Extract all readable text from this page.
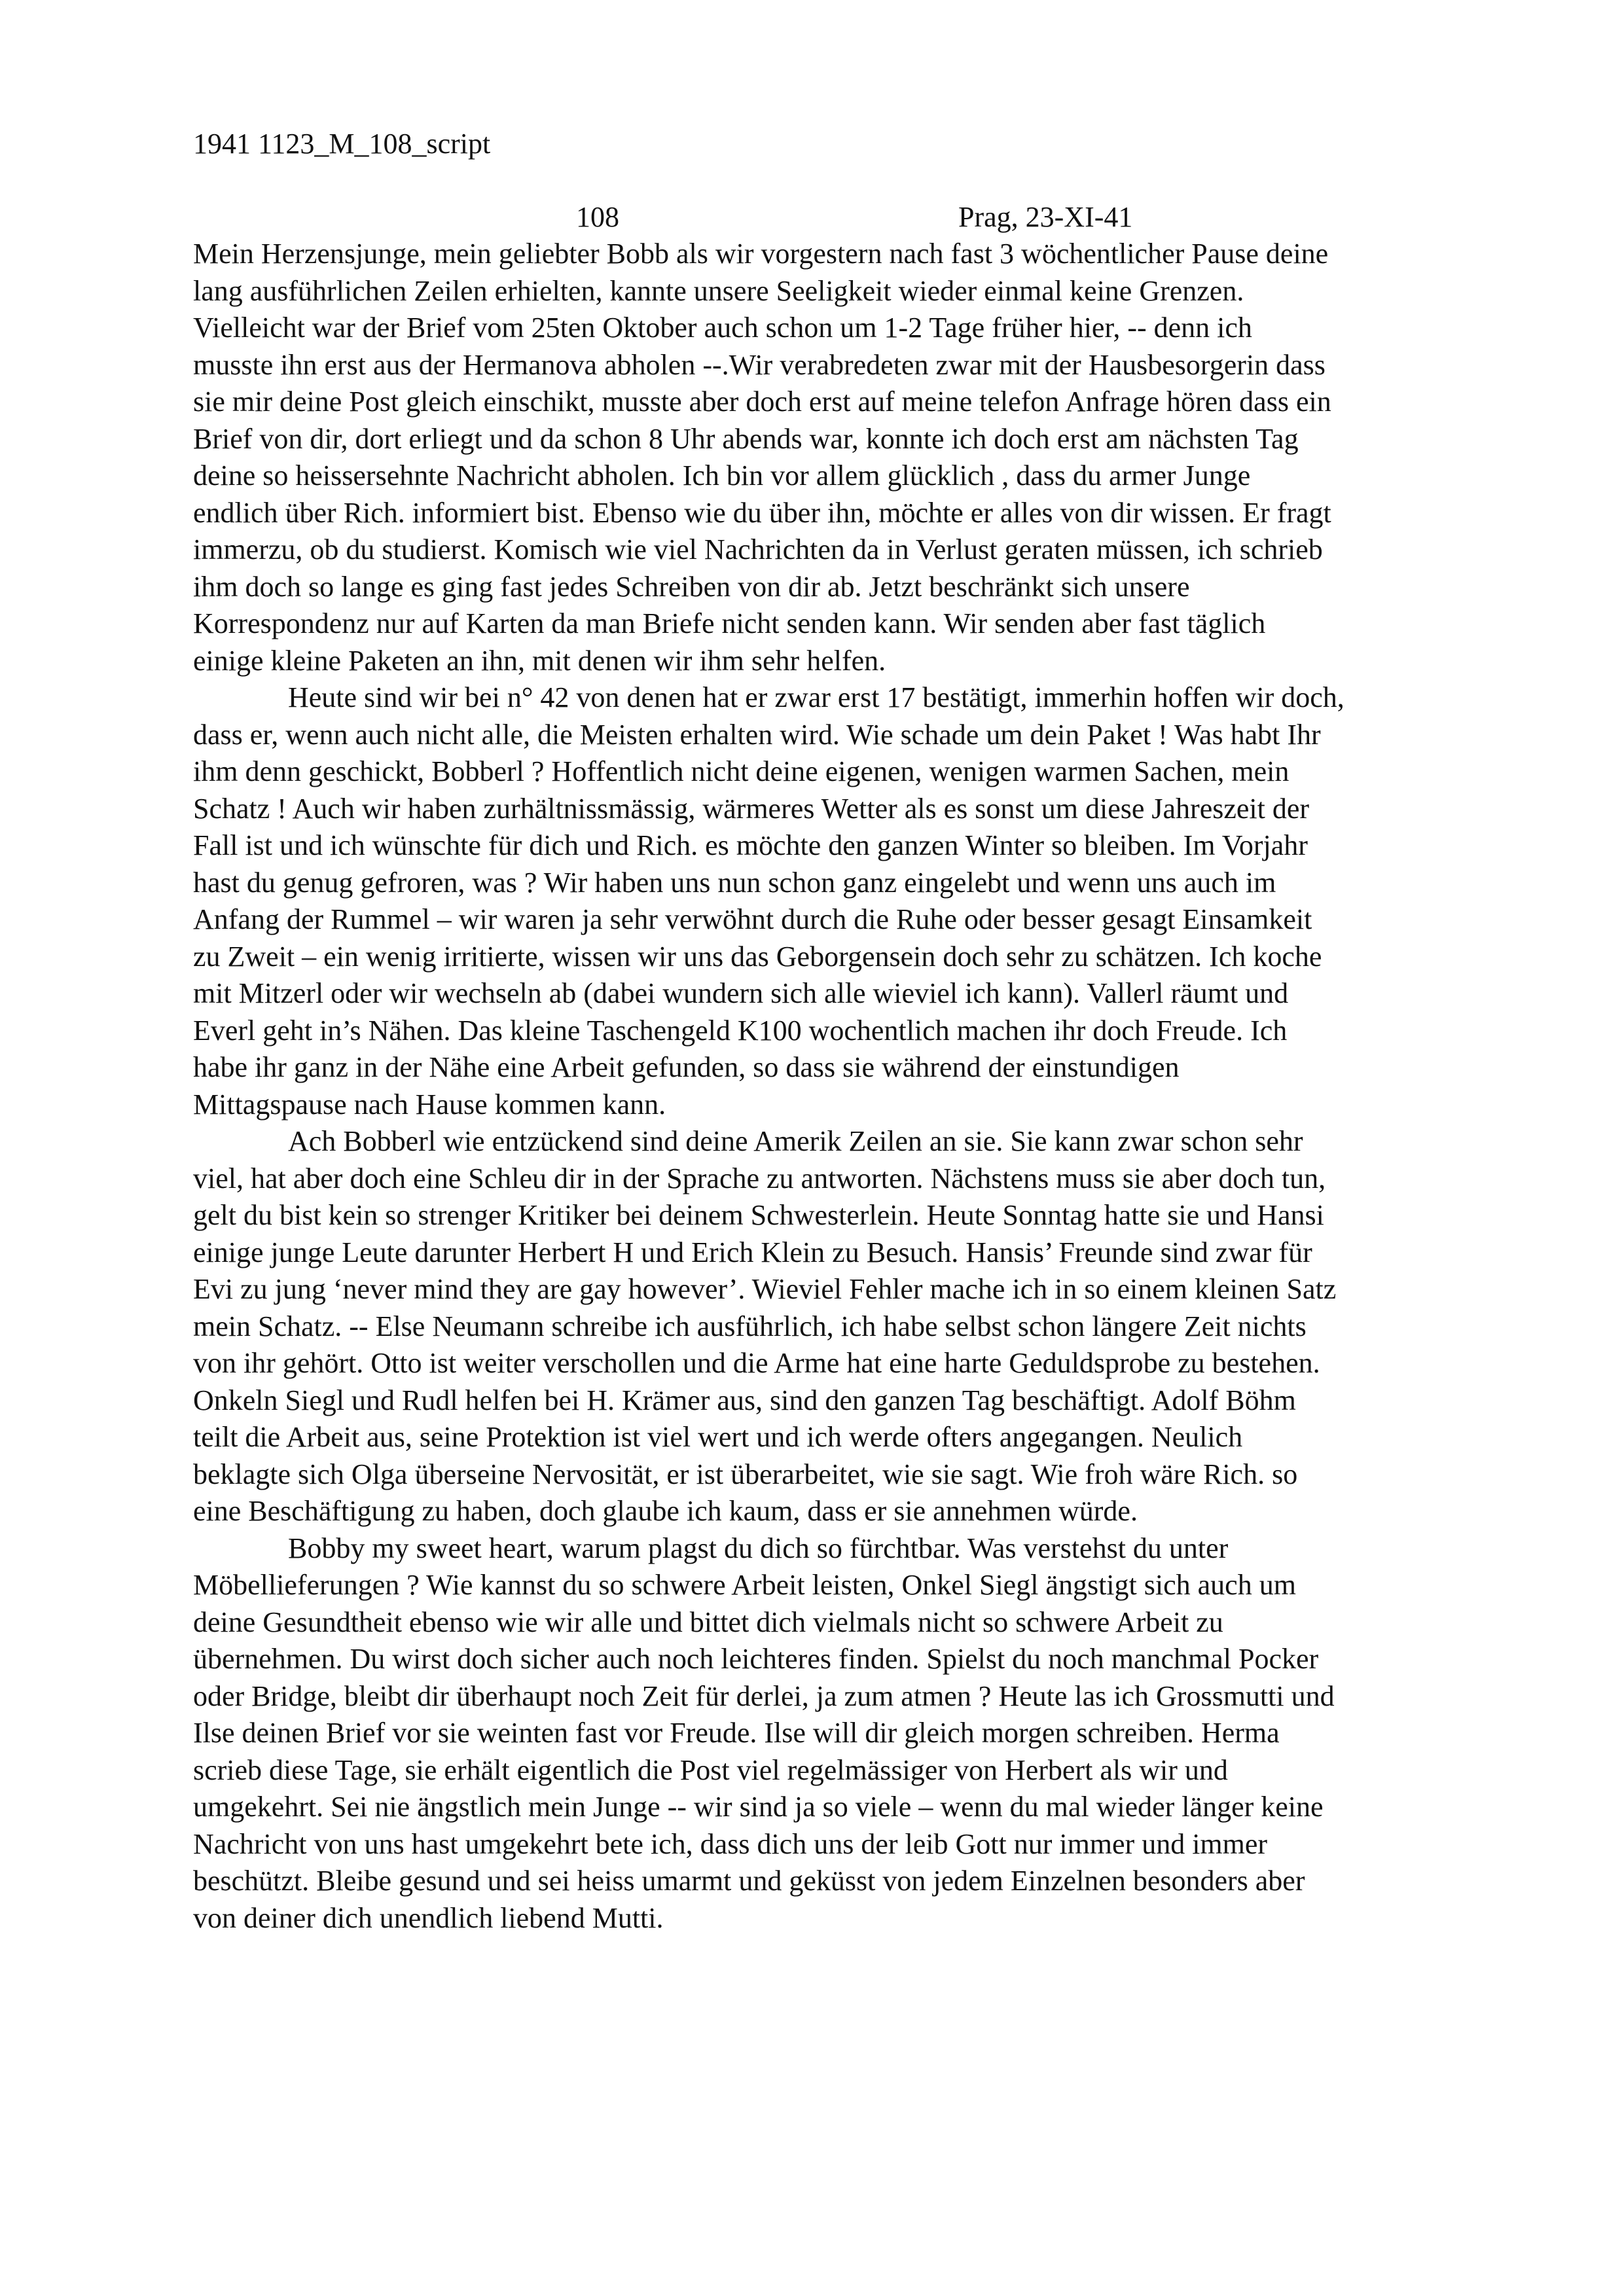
1941 1123_M_108_script
108	Prag, 23-XI-41
Mein Herzensjunge, mein geliebter Bobb als wir vorgestern nach fast 3 wöchentlicher Pause deine
lang ausführlichen Zeilen erhielten, kannte unsere Seeligkeit wieder einmal keine Grenzen.
Vielleicht war der Brief vom 25ten Oktober auch schon um 1-2 Tage früher hier, -- denn ich
musste ihn erst aus der Hermanova abholen --.Wir verabredeten zwar mit der Hausbesorgerin dass
sie mir deine Post gleich einschikt, musste aber doch erst auf meine telefon Anfrage hören dass ein
Brief von dir, dort erliegt und da schon 8 Uhr abends war, konnte ich doch erst am nächsten Tag
deine so heissersehnte Nachricht abholen. Ich bin vor allem glücklich , dass du armer Junge
endlich über Rich. informiert bist. Ebenso wie du über ihn, möchte er alles von dir wissen. Er fragt
immerzu, ob du studierst. Komisch wie viel Nachrichten da in Verlust geraten müssen, ich schrieb
ihm doch so lange es ging fast jedes Schreiben von dir ab. Jetzt beschränkt sich unsere
Korrespondenz nur auf Karten da man Briefe nicht senden kann. Wir senden aber fast täglich
einige kleine Paketen an ihn, mit denen wir ihm sehr helfen.
Heute sind wir bei n° 42 von denen hat er zwar erst 17 bestätigt, immerhin hoffen wir doch,
dass er, wenn auch nicht alle, die Meisten erhalten wird. Wie schade um dein Paket ! Was habt Ihr
ihm denn geschickt, Bobberl ? Hoffentlich nicht deine eigenen, wenigen warmen Sachen, mein
Schatz ! Auch wir haben zurhältnissmässig, wärmeres Wetter als es sonst um diese Jahreszeit der
Fall ist und ich wünschte für dich und Rich. es möchte den ganzen Winter so bleiben. Im Vorjahr
hast du genug gefroren, was ? Wir haben uns nun schon ganz eingelebt und wenn uns auch im
Anfang der Rummel – wir waren ja sehr verwöhnt durch die Ruhe oder besser gesagt Einsamkeit
zu Zweit – ein wenig irritierte, wissen wir uns das Geborgensein doch sehr zu schätzen. Ich koche
mit Mitzerl oder wir wechseln ab (dabei wundern sich alle wieviel ich kann). Vallerl räumt und
Everl geht in’s Nähen. Das kleine Taschengeld K100 wochentlich machen ihr doch Freude. Ich
habe ihr ganz in der Nähe eine Arbeit gefunden, so dass sie während der einstundigen
Mittagspause nach Hause kommen kann.
Ach Bobberl wie entzückend sind deine Amerik Zeilen an sie. Sie kann zwar schon sehr
viel, hat aber doch eine Schleu dir in der Sprache zu antworten. Nächstens muss sie aber doch tun,
gelt du bist kein so strenger Kritiker bei deinem Schwesterlein. Heute Sonntag hatte sie und Hansi
einige junge Leute darunter Herbert H und Erich Klein zu Besuch. Hansis’ Freunde sind zwar für
Evi zu jung ‘never mind they are gay however’. Wieviel Fehler mache ich in so einem kleinen Satz
mein Schatz. -- Else Neumann schreibe ich ausführlich, ich habe selbst schon längere Zeit nichts
von ihr gehört. Otto ist weiter verschollen und die Arme hat eine harte Geduldsprobe zu bestehen.
Onkeln Siegl und Rudl helfen bei H. Krämer aus, sind den ganzen Tag beschäftigt. Adolf Böhm
teilt die Arbeit aus, seine Protektion ist viel wert und ich werde ofters angegangen. Neulich
beklagte sich Olga überseine Nervosität, er ist überarbeitet, wie sie sagt. Wie froh wäre Rich. so
eine Beschäftigung zu haben, doch glaube ich kaum, dass er sie annehmen würde.
Bobby my sweet heart, warum plagst du dich so fürchtbar. Was verstehst du unter
Möbellieferungen ? Wie kannst du so schwere Arbeit leisten, Onkel Siegl ängstigt sich auch um
deine Gesundtheit ebenso wie wir alle und bittet dich vielmals nicht so schwere Arbeit zu
übernehmen. Du wirst doch sicher auch noch leichteres finden. Spielst du noch manchmal Pocker
oder Bridge, bleibt dir überhaupt noch Zeit für derlei, ja zum atmen ? Heute las ich Grossmutti und
Ilse deinen Brief vor sie weinten fast vor Freude. Ilse will dir gleich morgen schreiben. Herma
scrieb diese Tage, sie erhält eigentlich die Post viel regelmässiger von Herbert als wir und
umgekehrt. Sei nie ängstlich mein Junge -- wir sind ja so viele – wenn du mal wieder länger keine
Nachricht von uns hast umgekehrt bete ich, dass dich uns der leib Gott nur immer und immer
beschützt. Bleibe gesund und sei heiss umarmt und geküsst von jedem Einzelnen besonders aber
von deiner dich unendlich liebend Mutti.
